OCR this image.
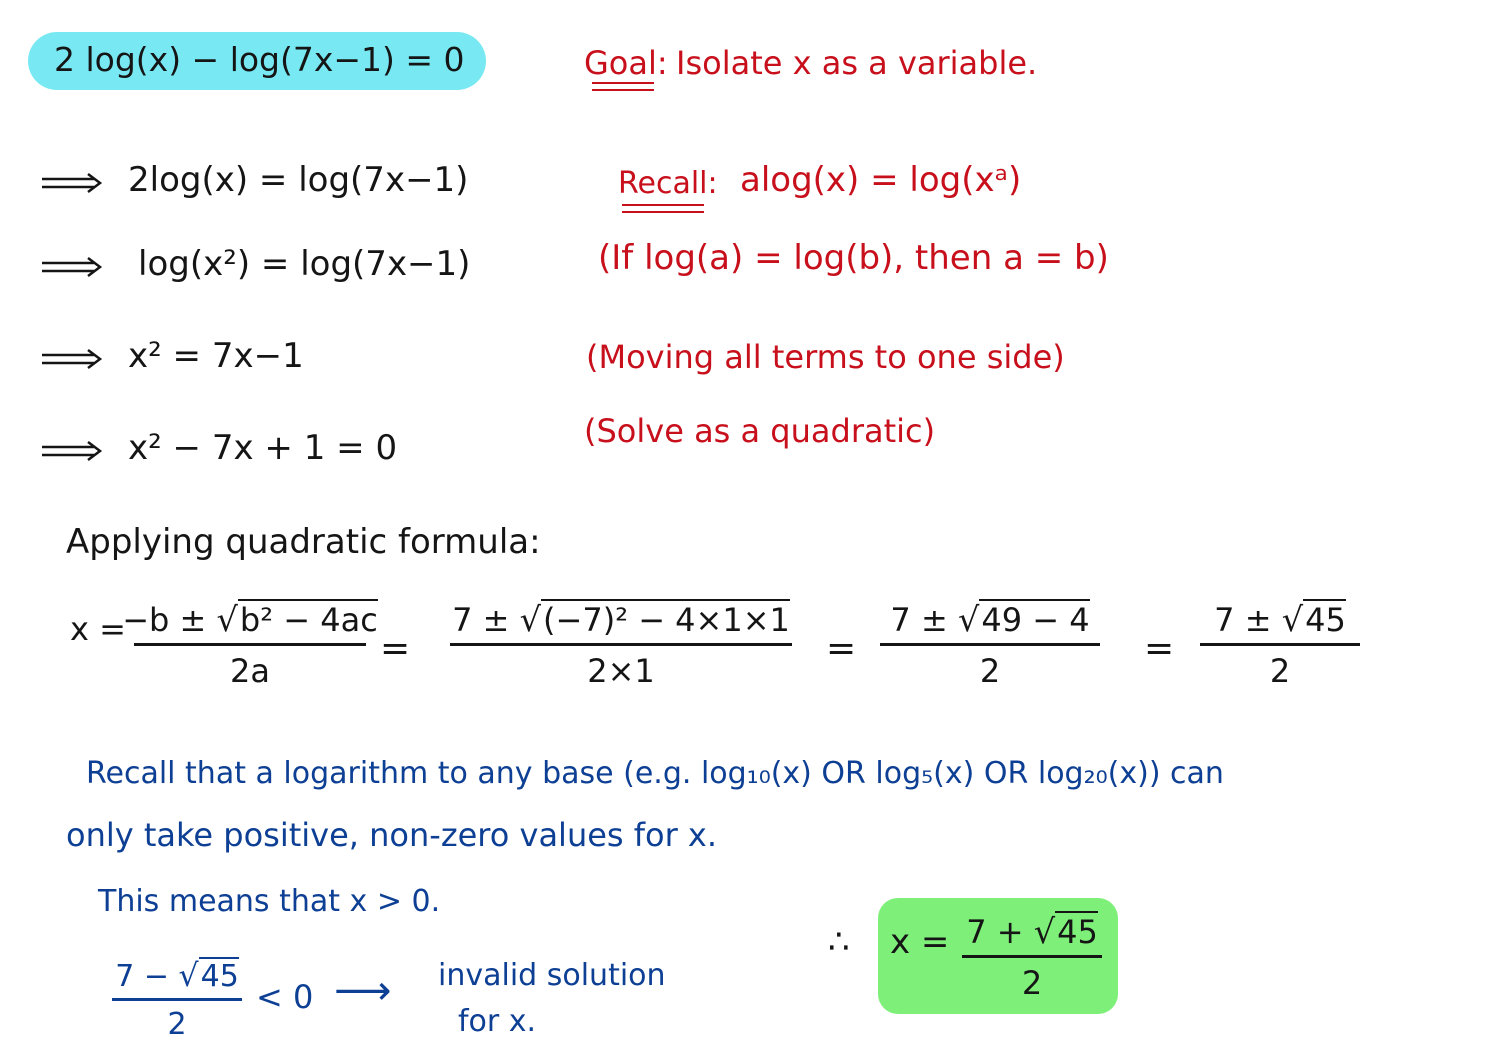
2 log(x) − log(7x−1) = 0	Goal: Isolate x as a variable.
2log(x) = log(7x−1)
log(x²) = log(7x−1)
x² = 7x−1
x² − 7x + 1 = 0
Recall: alog(x) = log(xᵃ)
(If log(a) = log(b), then a = b)
(Moving all terms to one side)
(Solve as a quadratic)
Applying quadratic formula:
x =
−b ± √b² − 4ac
2a
=
7 ± √(−7)² − 4×1×1
2×1
=
7 ± √49 − 4
2
=
7 ± √45
2
Recall that a logarithm to any base (e.g. log₁₀(x) OR log₅(x) OR log₂₀(x)) can
only take positive, non-zero values for x.
This means that x > 0.
7 − √45
2
< 0 ⟶ invalid solution
for x.
∴ x = 7 + √45
2
